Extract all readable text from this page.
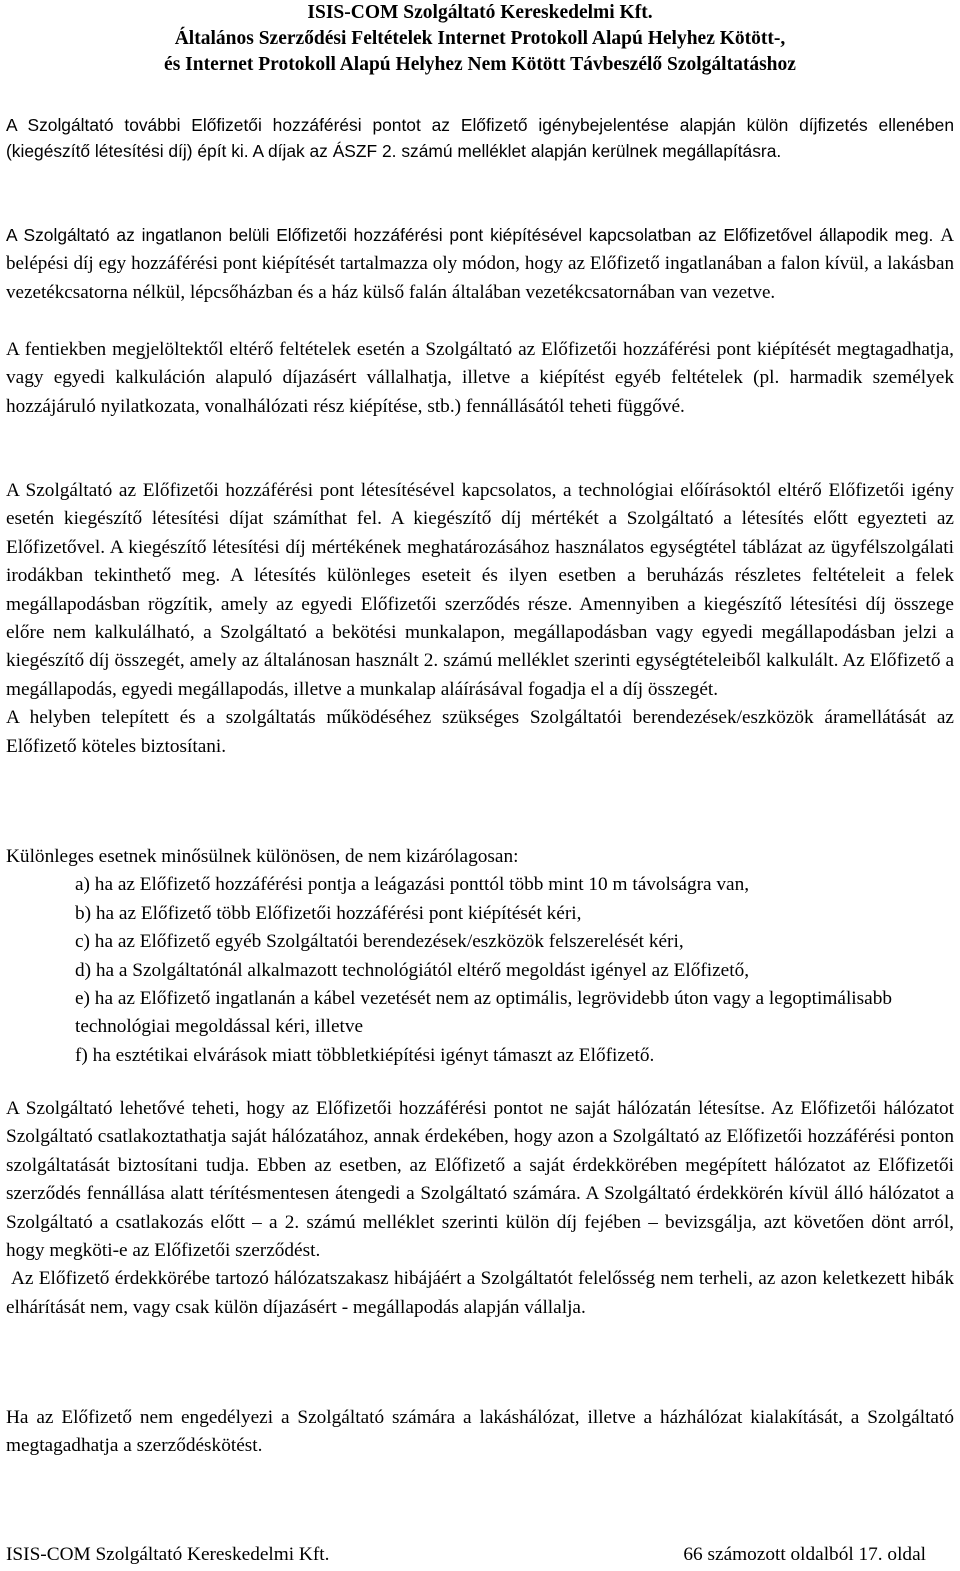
ISIS-COM Szolgáltató Kereskedelmi Kft.
Általános Szerződési Feltételek Internet Protokoll Alapú Helyhez Kötött-,
és Internet Protokoll Alapú Helyhez Nem Kötött Távbeszélő Szolgáltatáshoz

A Szolgáltató további Előfizetői hozzáférési pontot az Előfizető igénybejelentése alapján külön díjfizetés ellenében (kiegészítő létesítési díj) épít ki. A díjak az ÁSZF 2. számú melléklet alapján kerülnek megállapításra.

A Szolgáltató az ingatlanon belüli Előfizetői hozzáférési pont kiépítésével kapcsolatban az Előfizetővel állapodik meg. A belépési díj egy hozzáférési pont kiépítését tartalmazza oly módon, hogy az Előfizető ingatlanában a falon kívül, a lakásban vezetékcsatorna nélkül, lépcsőházban és a ház külső falán általában vezetékcsatornában van vezetve.

A fentiekben megjelöltektől eltérő feltételek esetén a Szolgáltató az Előfizetői hozzáférési pont kiépítését megtagadhatja, vagy egyedi kalkuláción alapuló díjazásért vállalhatja, illetve a kiépítést egyéb feltételek (pl. harmadik személyek hozzájáruló nyilatkozata, vonalhálózati rész kiépítése, stb.) fennállásától teheti függővé.

A Szolgáltató az Előfizetői hozzáférési pont létesítésével kapcsolatos, a technológiai előírásoktól eltérő Előfizetői igény esetén kiegészítő létesítési díjat számíthat fel. A kiegészítő díj mértékét a Szolgáltató a létesítés előtt egyezteti az Előfizetővel. A kiegészítő létesítési díj mértékének meghatározásához használatos egységtétel táblázat az ügyfélszolgálati irodákban tekinthető meg. A létesítés különleges eseteit és ilyen esetben a beruházás részletes feltételeit a felek megállapodásban rögzítik, amely az egyedi Előfizetői szerződés része. Amennyiben a kiegészítő létesítési díj összege előre nem kalkulálható, a Szolgáltató a bekötési munkalapon, megállapodásban vagy egyedi megállapodásban jelzi a kiegészítő díj összegét, amely az általánosan használt 2. számú melléklet szerinti egységtételeiből kalkulált. Az Előfizető a megállapodás, egyedi megállapodás, illetve a munkalap aláírásával fogadja el a díj összegét.

A helyben telepített és a szolgáltatás működéséhez szükséges Szolgáltatói berendezések/eszközök áramellátását az Előfizető köteles biztosítani.

Különleges esetnek minősülnek különösen, de nem kizárólagosan:

a) ha az Előfizető hozzáférési pontja a leágazási ponttól több mint 10 m távolságra van,
b) ha az Előfizető több Előfizetői hozzáférési pont kiépítését kéri,
c) ha az Előfizető egyéb Szolgáltatói berendezések/eszközök felszerelését kéri,
d) ha a Szolgáltatónál alkalmazott technológiától eltérő megoldást igényel az Előfizető,
e) ha az Előfizető ingatlanán a kábel vezetését nem az optimális, legrövidebb úton vagy a legoptimálisabb technológiai megoldással kéri, illetve
f) ha esztétikai elvárások miatt többletkiépítési igényt támaszt az Előfizető.

A Szolgáltató lehetővé teheti, hogy az Előfizetői hozzáférési pontot ne saját hálózatán létesítse. Az Előfizetői hálózatot Szolgáltató csatlakoztathatja saját hálózatához, annak érdekében, hogy azon a Szolgáltató az Előfizetői hozzáférési ponton szolgáltatását biztosítani tudja. Ebben az esetben, az Előfizető a saját érdekkörében megépített hálózatot az Előfizetői szerződés fennállása alatt térítésmentesen átengedi a Szolgáltató számára. A Szolgáltató érdekkörén kívül álló hálózatot a Szolgáltató a csatlakozás előtt – a 2. számú melléklet szerinti külön díj fejében – bevizsgálja, azt követően dönt arról, hogy megköti-e az Előfizetői szerződést.

Az Előfizető érdekkörébe tartozó hálózatszakasz hibájáért a Szolgáltatót felelősség nem terheli, az azon keletkezett hibák elhárítását nem, vagy csak külön díjazásért - megállapodás alapján vállalja.

Ha az Előfizető nem engedélyezi a Szolgáltató számára a lakáshálózat, illetve a házhálózat kialakítását, a Szolgáltató megtagadhatja a szerződéskötést.

ISIS-COM Szolgáltató Kereskedelmi Kft.	66 számozott oldalból 17. oldal
